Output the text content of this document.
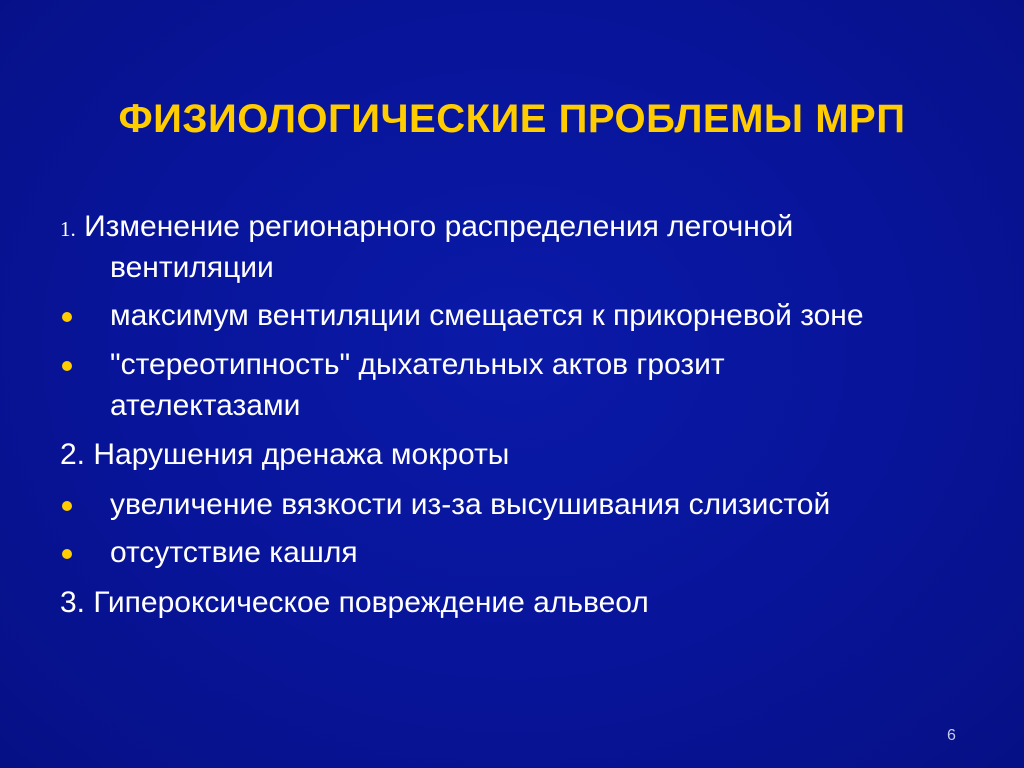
ФИЗИОЛОГИЧЕСКИЕ ПРОБЛЕМЫ МРП
1. Изменение регионарного распределения легочной
вентиляции
максимум вентиляции смещается к прикорневой зоне
"стереотипность" дыхательных актов грозит
ателектазами
2. Нарушения дренажа мокроты
увеличение вязкости из-за высушивания слизистой
отсутствие кашля
3. Гипероксическое повреждение альвеол
6
